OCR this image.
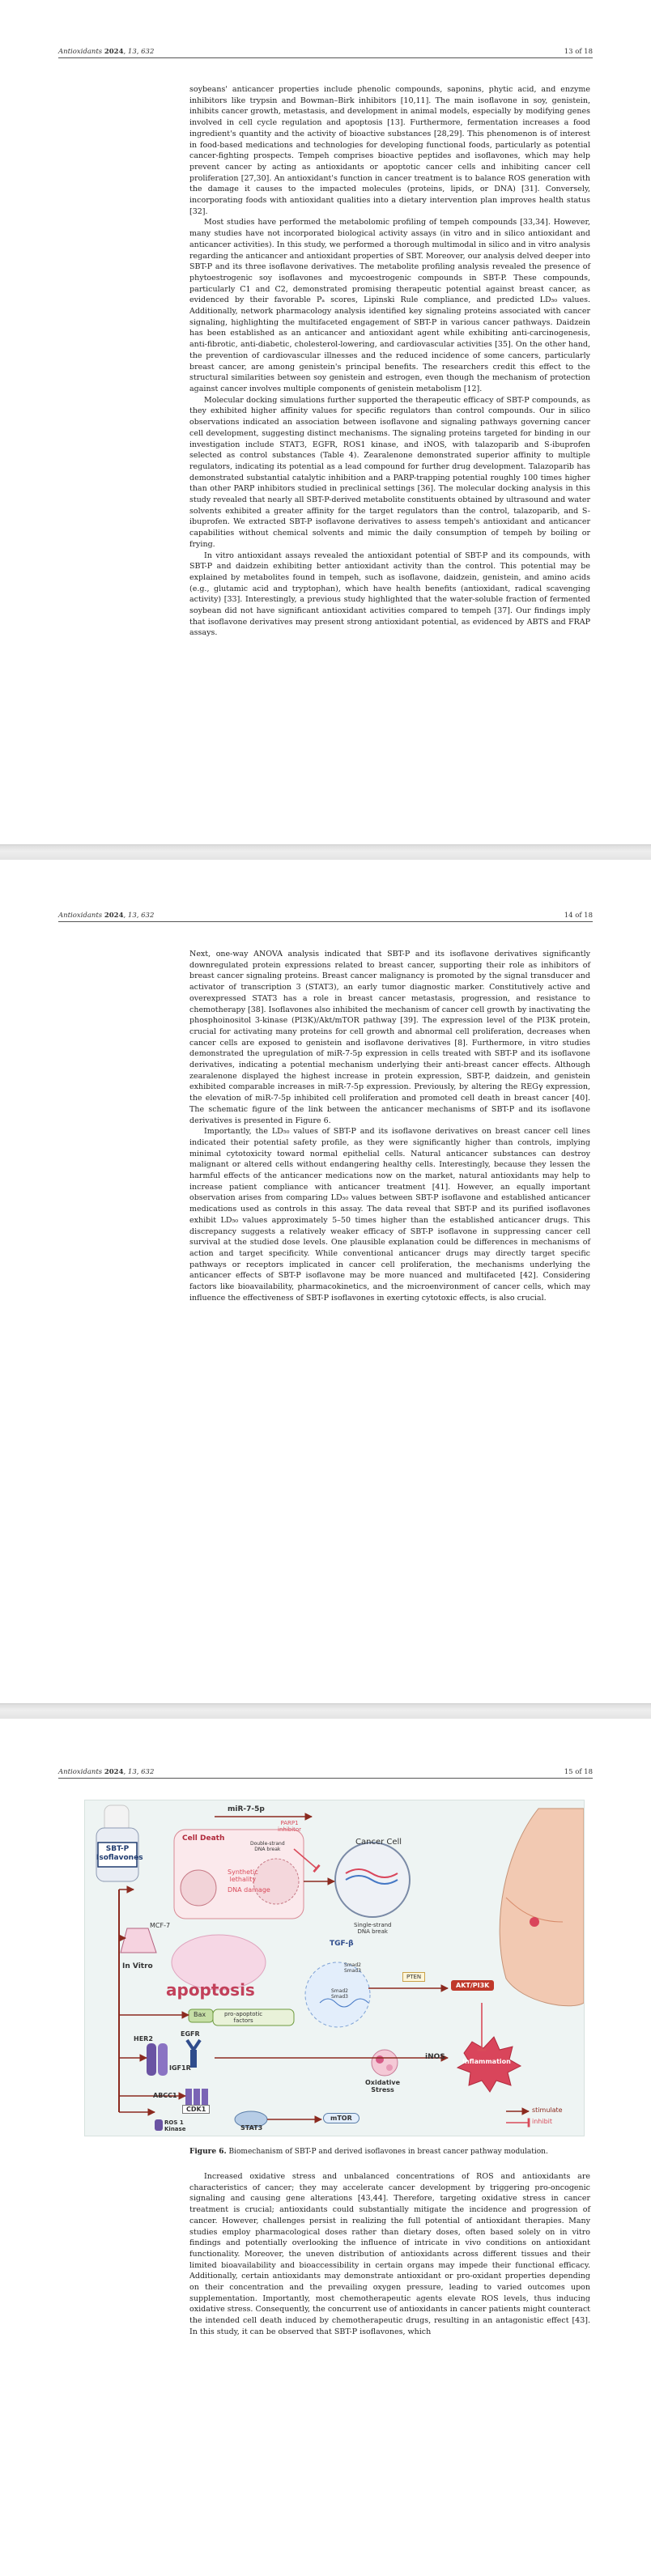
Antioxidants 2024, 13, 632	13 of 18

soybeans' anticancer properties include phenolic compounds, saponins, phytic acid, and enzyme inhibitors like trypsin and Bowman–Birk inhibitors [10,11]. The main isoflavone in soy, genistein, inhibits cancer growth, metastasis, and development in animal models, especially by modifying genes involved in cell cycle regulation and apoptosis [13]. Furthermore, fermentation increases a food ingredient's quantity and the activity of bioactive substances [28,29]. This phenomenon is of interest in food-based medications and technologies for developing functional foods, particularly as potential cancer-fighting prospects. Tempeh comprises bioactive peptides and isoflavones, which may help prevent cancer by acting as antioxidants or apoptotic cancer cells and inhibiting cancer cell proliferation [27,30]. An antioxidant's function in cancer treatment is to balance ROS generation with the damage it causes to the impacted molecules (proteins, lipids, or DNA) [31]. Conversely, incorporating foods with antioxidant qualities into a dietary intervention plan improves health status [32].

Most studies have performed the metabolomic profiling of tempeh compounds [33,34]. However, many studies have not incorporated biological activity assays (in vitro and in silico antioxidant and anticancer activities). In this study, we performed a thorough multimodal in silico and in vitro analysis regarding the anticancer and antioxidant properties of SBT. Moreover, our analysis delved deeper into SBT-P and its three isoflavone derivatives. The metabolite profiling analysis revealed the presence of phytoestrogenic soy isoflavones and mycoestrogenic compounds in SBT-P. These compounds, particularly C1 and C2, demonstrated promising therapeutic potential against breast cancer, as evidenced by their favorable Pₐ scores, Lipinski Rule compliance, and predicted LD₅₀ values. Additionally, network pharmacology analysis identified key signaling proteins associated with cancer signaling, highlighting the multifaceted engagement of SBT-P in various cancer pathways. Daidzein has been established as an anticancer and antioxidant agent while exhibiting anti-carcinogenesis, anti-fibrotic, anti-diabetic, cholesterol-lowering, and cardiovascular activities [35]. On the other hand, the prevention of cardiovascular illnesses and the reduced incidence of some cancers, particularly breast cancer, are among genistein's principal benefits. The researchers credit this effect to the structural similarities between soy genistein and estrogen, even though the mechanism of protection against cancer involves multiple components of genistein metabolism [12].

Molecular docking simulations further supported the therapeutic efficacy of SBT-P compounds, as they exhibited higher affinity values for specific regulators than control compounds. Our in silico observations indicated an association between isoflavone and signaling pathways governing cancer cell development, suggesting distinct mechanisms. The signaling proteins targeted for binding in our investigation include STAT3, EGFR, ROS1 kinase, and iNOS, with talazoparib and S-ibuprofen selected as control substances (Table 4). Zearalenone demonstrated superior affinity to multiple regulators, indicating its potential as a lead compound for further drug development. Talazoparib has demonstrated substantial catalytic inhibition and a PARP-trapping potential roughly 100 times higher than other PARP inhibitors studied in preclinical settings [36]. The molecular docking analysis in this study revealed that nearly all SBT-P-derived metabolite constituents obtained by ultrasound and water solvents exhibited a greater affinity for the target regulators than the control, talazoparib, and S-ibuprofen. We extracted SBT-P isoflavone derivatives to assess tempeh's antioxidant and anticancer capabilities without chemical solvents and mimic the daily consumption of tempeh by boiling or frying.

In vitro antioxidant assays revealed the antioxidant potential of SBT-P and its compounds, with SBT-P and daidzein exhibiting better antioxidant activity than the control. This potential may be explained by metabolites found in tempeh, such as isoflavone, daidzein, genistein, and amino acids (e.g., glutamic acid and tryptophan), which have health benefits (antioxidant, radical scavenging activity) [33]. Interestingly, a previous study highlighted that the water-soluble fraction of fermented soybean did not have significant antioxidant activities compared to tempeh [37]. Our findings imply that isoflavone derivatives may present strong antioxidant potential, as evidenced by ABTS and FRAP assays.

Antioxidants 2024, 13, 632	14 of 18

Next, one-way ANOVA analysis indicated that SBT-P and its isoflavone derivatives significantly downregulated protein expressions related to breast cancer, supporting their role as inhibitors of breast cancer signaling proteins. Breast cancer malignancy is promoted by the signal transducer and activator of transcription 3 (STAT3), an early tumor diagnostic marker. Constitutively active and overexpressed STAT3 has a role in breast cancer metastasis, progression, and resistance to chemotherapy [38]. Isoflavones also inhibited the mechanism of cancer cell growth by inactivating the phosphoinositol 3-kinase (PI3K)/Akt/mTOR pathway [39]. The expression level of the PI3K protein, crucial for activating many proteins for cell growth and abnormal cell proliferation, decreases when cancer cells are exposed to genistein and isoflavone derivatives [8]. Furthermore, in vitro studies demonstrated the upregulation of miR-7-5p expression in cells treated with SBT-P and its isoflavone derivatives, indicating a potential mechanism underlying their anti-breast cancer effects. Although zearalenone displayed the highest increase in protein expression, SBT-P, daidzein, and genistein exhibited comparable increases in miR-7-5p expression. Previously, by altering the REGγ expression, the elevation of miR-7-5p inhibited cell proliferation and promoted cell death in breast cancer [40]. The schematic figure of the link between the anticancer mechanisms of SBT-P and its isoflavone derivatives is presented in Figure 6.

Importantly, the LD₅₀ values of SBT-P and its isoflavone derivatives on breast cancer cell lines indicated their potential safety profile, as they were significantly higher than controls, implying minimal cytotoxicity toward normal epithelial cells. Natural anticancer substances can destroy malignant or altered cells without endangering healthy cells. Interestingly, because they lessen the harmful effects of the anticancer medications now on the market, natural antioxidants may help to increase patient compliance with anticancer treatment [41]. However, an equally important observation arises from comparing LD₅₀ values between SBT-P isoflavone and established anticancer medications used as controls in this assay. The data reveal that SBT-P and its purified isoflavones exhibit LD₅₀ values approximately 5–50 times higher than the established anticancer drugs. This discrepancy suggests a relatively weaker efficacy of SBT-P isoflavone in suppressing cancer cell survival at the studied dose levels. One plausible explanation could be differences in mechanisms of action and target specificity. While conventional anticancer drugs may directly target specific pathways or receptors implicated in cancer cell proliferation, the mechanisms underlying the anticancer effects of SBT-P isoflavone may be more nuanced and multifaceted [42]. Considering factors like bioavailability, pharmacokinetics, and the microenvironment of cancer cells, which may influence the effectiveness of SBT-P isoflavones in exerting cytotoxic effects, is also crucial.

Antioxidants 2024, 13, 632	15 of 18
SBT-P
Isoflavones
miR-7-5p
PARP1
inhibitor
Cell Death	Cancer Cell
Double-strand
DNA break
Single-strand
DNA break
Synthetic
lethality
DNA damage
MCF-7
In Vitro
apoptosis
TGF-β
Smad2
Smad3
Smad2
Smad3
PTEN
AKT/PI3K
Bax	pro-apoptotic
factors
HER2
EGFR
IGF1R
ABCC1
iNOS
Inflammation
Oxidative
Stress
CDK1
ROS 1
Kinase	STAT3
mTOR
stimulate
inhibit
Figure 6. Biomechanism of SBT-P and derived isoflavones in breast cancer pathway modulation.

Increased oxidative stress and unbalanced concentrations of ROS and antioxidants are characteristics of cancer; they may accelerate cancer development by triggering pro-oncogenic signaling and causing gene alterations [43,44]. Therefore, targeting oxidative stress in cancer treatment is crucial; antioxidants could substantially mitigate the incidence and progression of cancer. However, challenges persist in realizing the full potential of antioxidant therapies. Many studies employ pharmacological doses rather than dietary doses, often based solely on in vitro findings and potentially overlooking the influence of intricate in vivo conditions on antioxidant functionality. Moreover, the uneven distribution of antioxidants across different tissues and their limited bioavailability and bioaccessibility in certain organs may impede their functional efficacy. Additionally, certain antioxidants may demonstrate antioxidant or pro-oxidant properties depending on their concentration and the prevailing oxygen pressure, leading to varied outcomes upon supplementation. Importantly, most chemotherapeutic agents elevate ROS levels, thus inducing oxidative stress. Consequently, the concurrent use of antioxidants in cancer patients might counteract the intended cell death induced by chemotherapeutic drugs, resulting in an antagonistic effect [43]. In this study, it can be observed that SBT-P isoflavones, which
